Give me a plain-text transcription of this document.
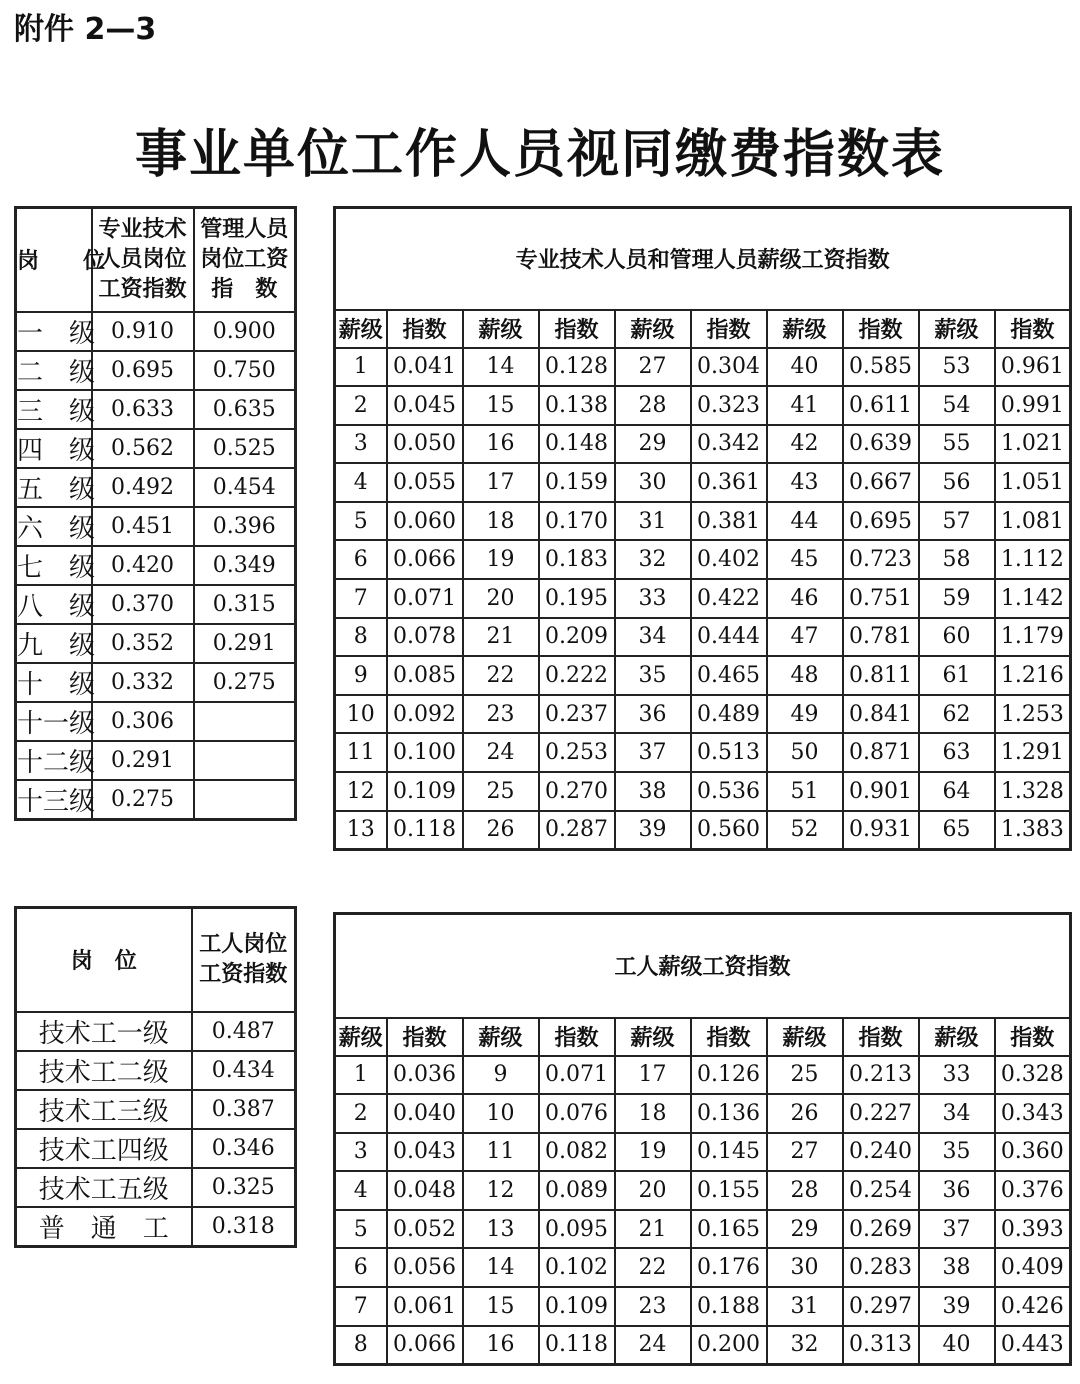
附件 2—3
事业单位工作人员视同缴费指数表
岗　　位	专业技术人员岗位工资指数	管理人员岗位工资指　数
一　级	0.910	0.900
二　级	0.695	0.750
三　级	0.633	0.635
四　级	0.562	0.525
五　级	0.492	0.454
六　级	0.451	0.396
七　级	0.420	0.349
八　级	0.370	0.315
九　级	0.352	0.291
十　级	0.332	0.275
十一级	0.306	
十二级	0.291	
十三级	0.275	
专业技术人员和管理人员薪级工资指数									
薪级	指数	薪级	指数	薪级	指数	薪级	指数	薪级	指数
1	0.041	14	0.128	27	0.304	40	0.585	53	0.961
2	0.045	15	0.138	28	0.323	41	0.611	54	0.991
3	0.050	16	0.148	29	0.342	42	0.639	55	1.021
4	0.055	17	0.159	30	0.361	43	0.667	56	1.051
5	0.060	18	0.170	31	0.381	44	0.695	57	1.081
6	0.066	19	0.183	32	0.402	45	0.723	58	1.112
7	0.071	20	0.195	33	0.422	46	0.751	59	1.142
8	0.078	21	0.209	34	0.444	47	0.781	60	1.179
9	0.085	22	0.222	35	0.465	48	0.811	61	1.216
10	0.092	23	0.237	36	0.489	49	0.841	62	1.253
11	0.100	24	0.253	37	0.513	50	0.871	63	1.291
12	0.109	25	0.270	38	0.536	51	0.901	64	1.328
13	0.118	26	0.287	39	0.560	52	0.931	65	1.383
岗　位	工人岗位工资指数
技术工一级	0.487
技术工二级	0.434
技术工三级	0.387
技术工四级	0.346
技术工五级	0.325
普　通　工	0.318
工人薪级工资指数									
薪级	指数	薪级	指数	薪级	指数	薪级	指数	薪级	指数
1	0.036	9	0.071	17	0.126	25	0.213	33	0.328
2	0.040	10	0.076	18	0.136	26	0.227	34	0.343
3	0.043	11	0.082	19	0.145	27	0.240	35	0.360
4	0.048	12	0.089	20	0.155	28	0.254	36	0.376
5	0.052	13	0.095	21	0.165	29	0.269	37	0.393
6	0.056	14	0.102	22	0.176	30	0.283	38	0.409
7	0.061	15	0.109	23	0.188	31	0.297	39	0.426
8	0.066	16	0.118	24	0.200	32	0.313	40	0.443
